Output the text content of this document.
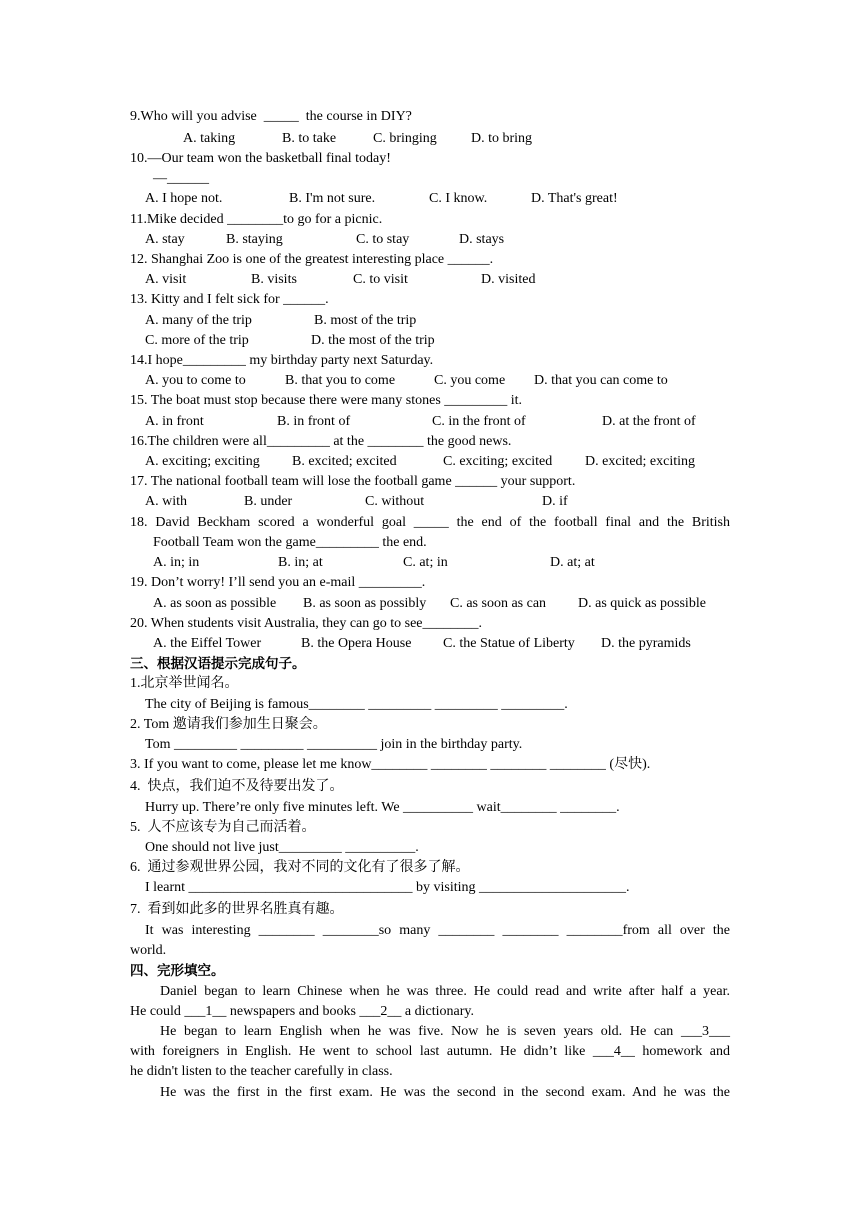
9.Who will you advise  _____  the course in DIY?
A. taking	B. to take	C. bringing D. to bring
10.—Our team won the basketball final today!
—______
A. I hope not.	B. I'm not sure.	C. I know.	D. That's great!
11.Mike decided ________to go for a picnic.
A. stay	B. staying	C. to stay	D. stays
12. Shanghai Zoo is one of the greatest interesting place ______.
A. visit	B. visits	C. to visit	D. visited
13. Kitty and I felt sick for ______.
A. many of the trip	B. most of the trip
C. more of the trip	D. the most of the trip
14.I hope_________ my birthday party next Saturday.
A. you to come to	B. that you to come	C. you come D. that you can come to
15. The boat must stop because there were many stones _________ it.
A. in front	B. in front of	C. in the front of	D. at the front of
16.The children were all_________ at the ________ the good news.
A. exciting; exciting B. excited; excited	C. exciting; excited D. excited; exciting
17. The national football team will lose the football game ______ your support.
A. with	B. under	C. without	D. if
18. David Beckham scored a wonderful goal _____ the end of the football final and the British
Football Team won the game_________ the end.
A. in; in	B. in; at	C. at; in	D. at; at
19. Don’t worry! I’ll send you an e-mail _________.
A. as soon as possible B. as soon as possibly C. as soon as can D. as quick as possible
20. When students visit Australia, they can go to see________.
A. the Eiffel Tower	B. the Opera House C. the Statue of Liberty D. the pyramids
三、根据汉语提示完成句子。
1.北京举世闻名。
The city of Beijing is famous________ _________ _________ _________.
2. Tom 邀请我们参加生日聚会。
Tom _________ _________ __________ join in the birthday party.
3. If you want to come, please let me know________ ________ ________ ________ (尽快).
4.  快点，我们迫不及待要出发了。
Hurry up. There’re only five minutes left. We __________ wait________ ________.
5.  人不应该专为自己而活着。
One should not live just_________ __________.
6.  通过参观世界公园，我对不同的文化有了很多了解。
I learnt ________________________________ by visiting _____________________.
7.  看到如此多的世界名胜真有趣。
It was interesting ________ ________so many ________ ________ ________from all over the
world.
四、完形填空。
Daniel began to learn Chinese when he was three. He could read and write after half a year.
He could ___1__ newspapers and books ___2__ a dictionary.
He began to learn English when he was five. Now he is seven years old. He can ___3___
with foreigners in English. He went to school last autumn. He didn’t like ___4__ homework and
he didn't listen to the teacher carefully in class.
He was the first in the first exam. He was the second in the second exam. And he was the
